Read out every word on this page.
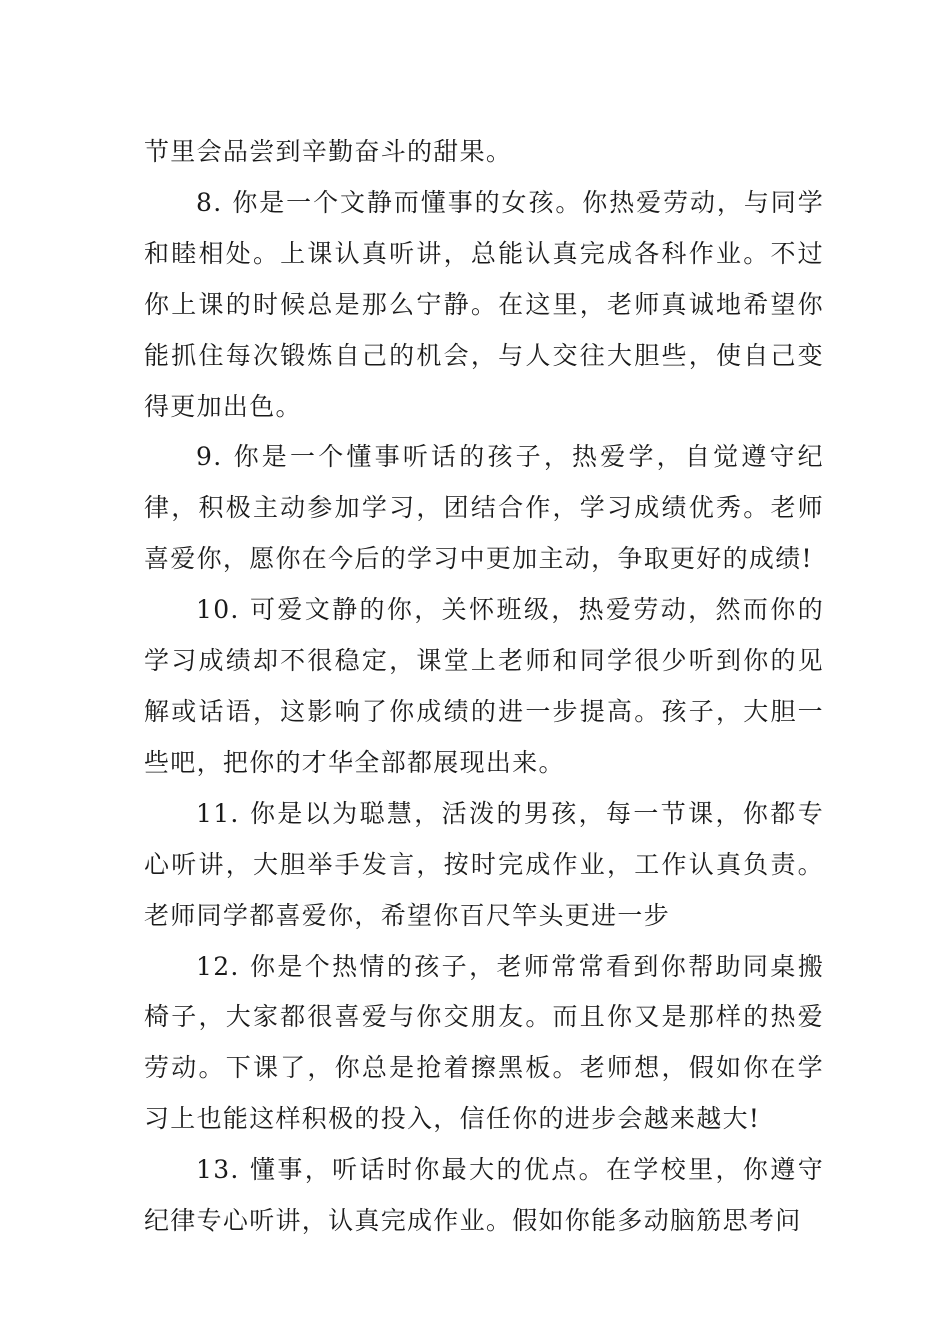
节里会品尝到辛勤奋斗的甜果。

8. 你是一个文静而懂事的女孩。你热爱劳动，与同学和睦相处。上课认真听讲，总能认真完成各科作业。不过你上课的时候总是那么宁静。在这里，老师真诚地希望你能抓住每次锻炼自己的机会，与人交往大胆些，使自己变得更加出色。

9. 你是一个懂事听话的孩子，热爱学，自觉遵守纪律，积极主动参加学习，团结合作，学习成绩优秀。老师喜爱你，愿你在今后的学习中更加主动，争取更好的成绩!

10. 可爱文静的你，关怀班级，热爱劳动，然而你的学习成绩却不很稳定，课堂上老师和同学很少听到你的见解或话语，这影响了你成绩的进一步提高。孩子，大胆一些吧，把你的才华全部都展现出来。

11. 你是以为聪慧，活泼的男孩，每一节课，你都专心听讲，大胆举手发言，按时完成作业，工作认真负责。老师同学都喜爱你，希望你百尺竿头更进一步

12. 你是个热情的孩子，老师常常看到你帮助同桌搬椅子，大家都很喜爱与你交朋友。而且你又是那样的热爱劳动。下课了，你总是抢着擦黑板。老师想，假如你在学习上也能这样积极的投入，信任你的进步会越来越大!

13. 懂事，听话时你最大的优点。在学校里，你遵守纪律专心听讲，认真完成作业。假如你能多动脑筋思考问
